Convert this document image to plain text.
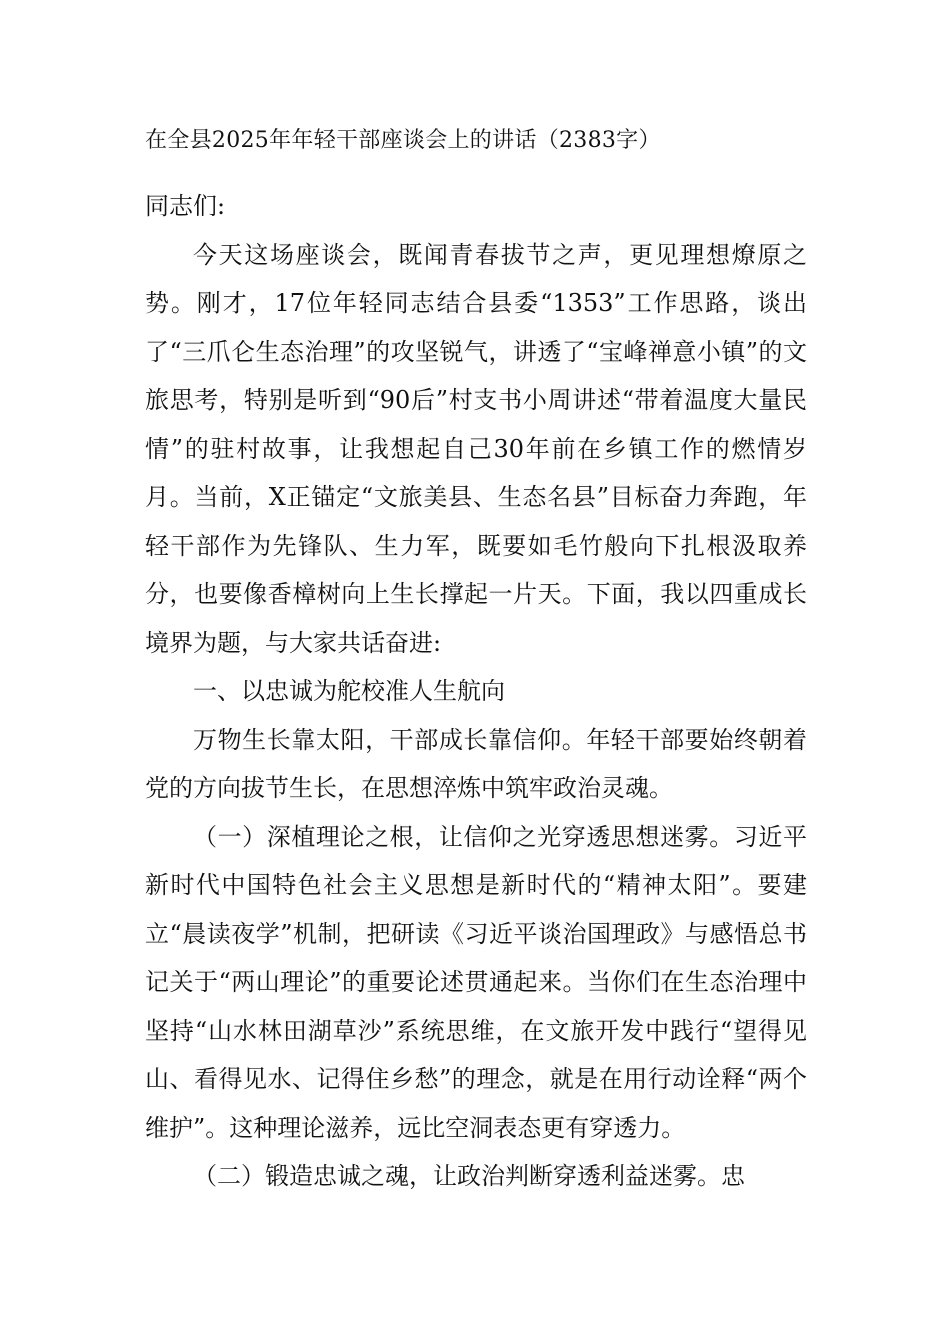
在全县2025年年轻干部座谈会上的讲话（2383字）

同志们:

今天这场座谈会，既闻青春拔节之声，更见理想燎原之势。刚才，17位年轻同志结合县委“1353”工作思路，谈出了“三爪仑生态治理”的攻坚锐气，讲透了“宝峰禅意小镇”的文旅思考，特别是听到“90后”村支书小周讲述“带着温度大量民情”的驻村故事，让我想起自己30年前在乡镇工作的燃情岁月。当前，X正锚定“文旅美县、生态名县”目标奋力奔跑，年轻干部作为先锋队、生力军，既要如毛竹般向下扎根汲取养分，也要像香樟树向上生长撑起一片天。下面，我以四重成长境界为题，与大家共话奋进:

一、以忠诚为舵校准人生航向

万物生长靠太阳，干部成长靠信仰。年轻干部要始终朝着党的方向拔节生长，在思想淬炼中筑牢政治灵魂。

（一）深植理论之根，让信仰之光穿透思想迷雾。习近平新时代中国特色社会主义思想是新时代的“精神太阳”。要建立“晨读夜学”机制，把研读《习近平谈治国理政》与感悟总书记关于“两山理论”的重要论述贯通起来。当你们在生态治理中坚持“山水林田湖草沙”系统思维，在文旅开发中践行“望得见山、看得见水、记得住乡愁”的理念，就是在用行动诠释“两个维护”。这种理论滋养，远比空洞表态更有穿透力。

（二）锻造忠诚之魂，让政治判断穿透利益迷雾。忠
